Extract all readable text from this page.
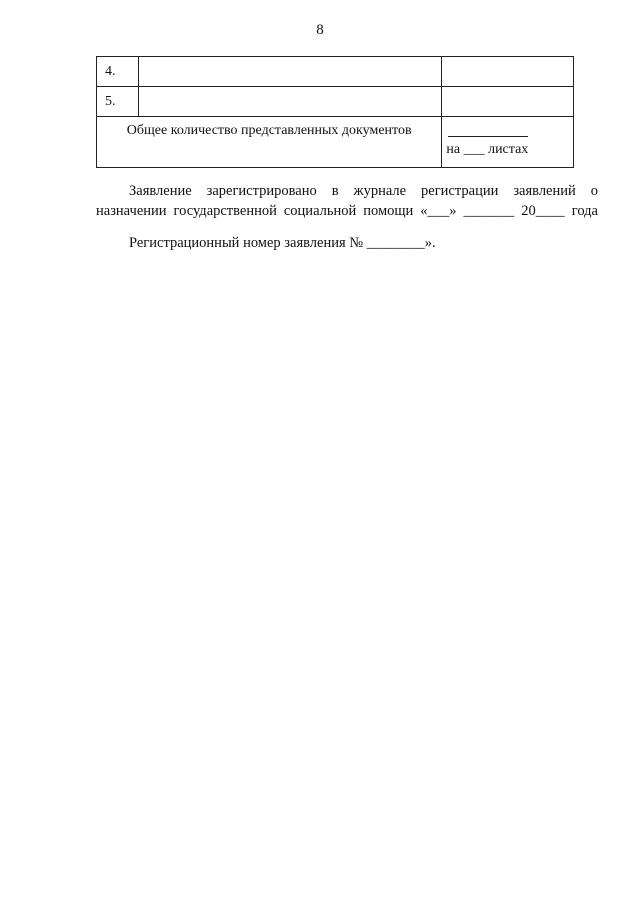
8
4.		
5.		
Общее количество представленных документов		на ___ листах
Заявление зарегистрировано в журнале регистрации заявлений о
назначении государственной социальной помощи «___» _______ 20____ года
Регистрационный номер заявления № ________».
